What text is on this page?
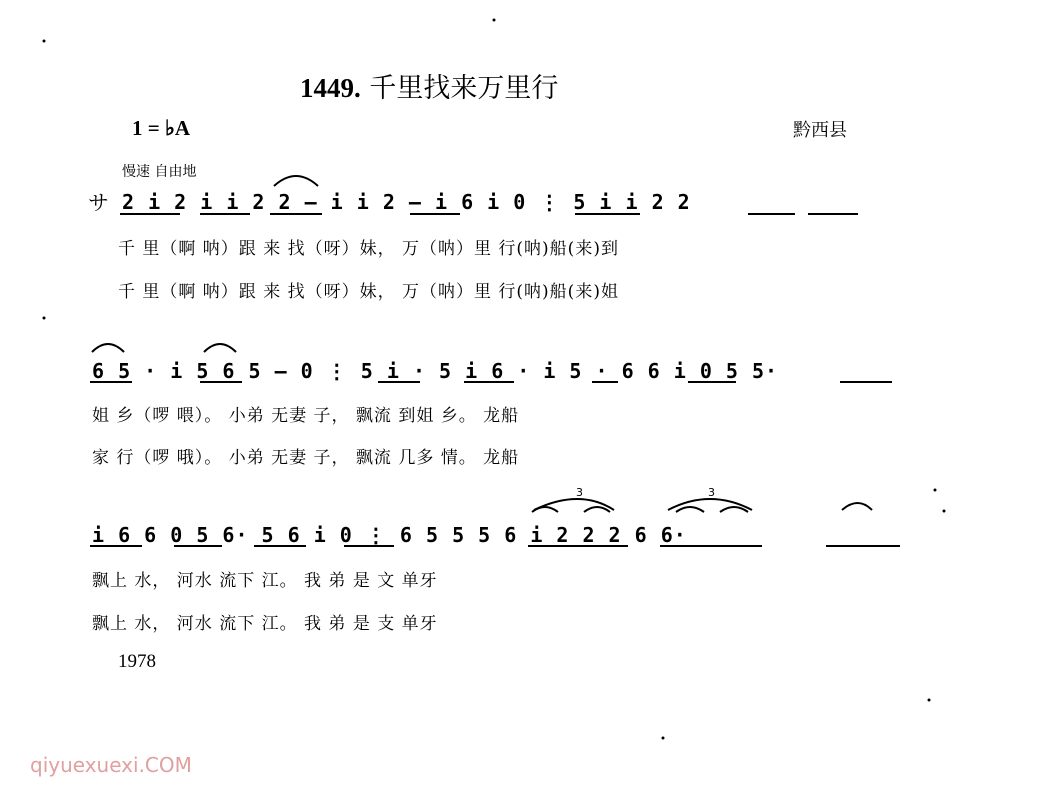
1449. 千里找来万里行
1 = ♭A	黔西县
慢速 自由地
サ 2 i 2 i i 2 2 – i i 2 – i 6 i 0 ⋮ 5 i i 2 2
千 里（啊 呐）跟 来 找（呀）妹， 万（呐）里 行(呐)船(来)到
千 里（啊 呐）跟 来 找（呀）妹， 万（呐）里 行(呐)船(来)姐
6 5 · i 5 6 5 – 0 ⋮ 5 i · 5 i 6 · i 5 · 6 6 i 0 5 5·
姐 乡（啰 喂）。 小弟 无妻 子， 飘流 到姐 乡。 龙船
家 行（啰 哦）。 小弟 无妻 子， 飘流 几多 情。 龙船
i 6 6 0 5 6· 5 6 i 0 ⋮ 6 5 5 5 6 i 2 2 2 6 6·
飘上 水， 河水 流下 江。 我 弟 是 文 单牙
飘上 水， 河水 流下 江。 我 弟 是 支 单牙
1978
qiyuexuexi.COM
3	3
